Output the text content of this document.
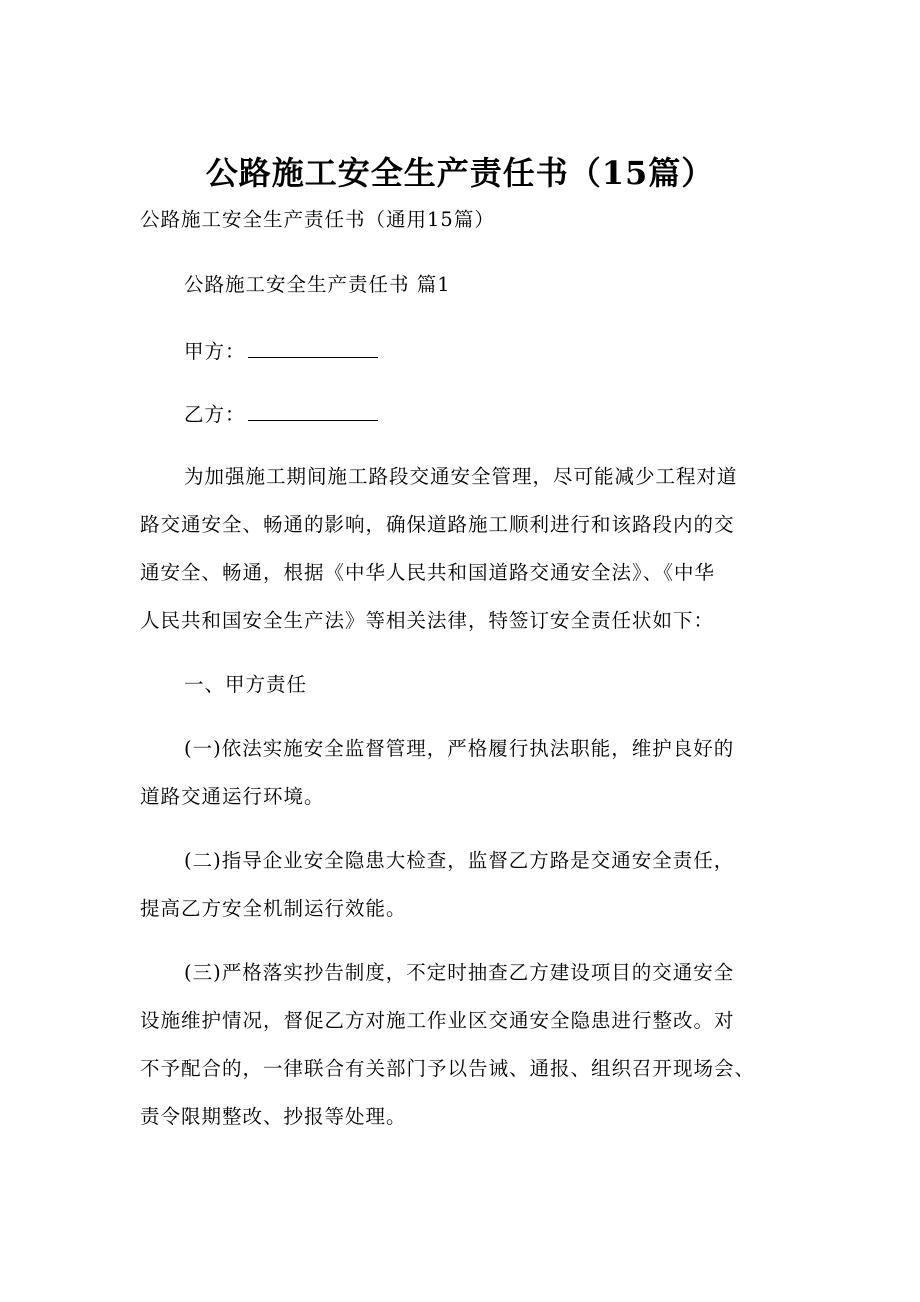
公路施工安全生产责任书（15篇）
公路施工安全生产责任书（通用15篇）
公路施工安全生产责任书 篇1
甲方：
乙方：
为加强施工期间施工路段交通安全管理，尽可能减少工程对道
路交通安全、畅通的影响，确保道路施工顺利进行和该路段内的交
通安全、畅通，根据《中华人民共和国道路交通安全法》、《中华
人民共和国安全生产法》等相关法律，特签订安全责任状如下：
一、甲方责任
(一)依法实施安全监督管理，严格履行执法职能，维护良好的
道路交通运行环境。
(二)指导企业安全隐患大检查，监督乙方路是交通安全责任，
提高乙方安全机制运行效能。
(三)严格落实抄告制度，不定时抽查乙方建设项目的交通安全
设施维护情况，督促乙方对施工作业区交通安全隐患进行整改。对
不予配合的，一律联合有关部门予以告诫、通报、组织召开现场会、
责令限期整改、抄报等处理。
